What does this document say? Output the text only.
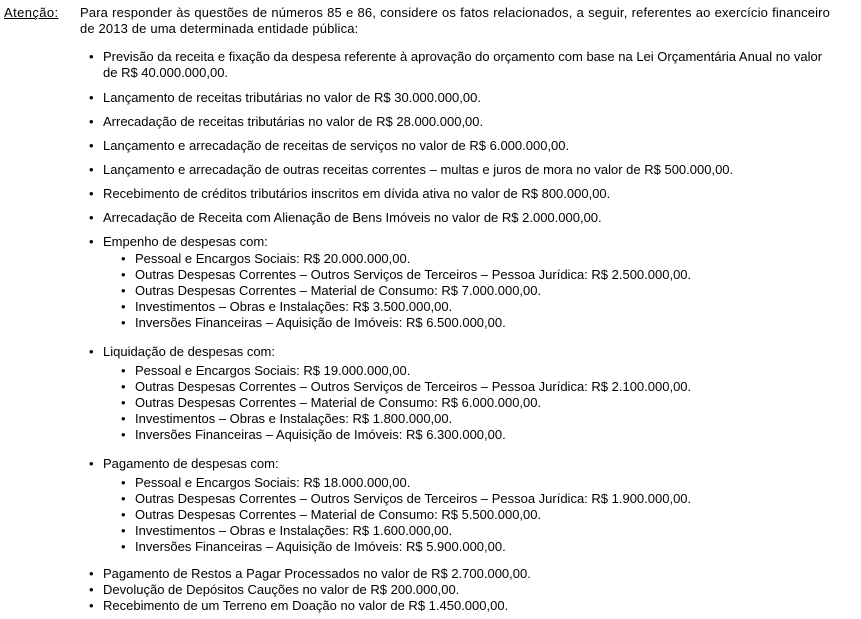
Atenção: Para responder às questões de números 85 e 86, considere os fatos relacionados, a seguir, referentes ao exercício financeiro de 2013 de uma determinada entidade pública:
• Previsão da receita e fixação da despesa referente à aprovação do orçamento com base na Lei Orçamentária Anual no valor de R$ 40.000.000,00.
• Lançamento de receitas tributárias no valor de R$ 30.000.000,00.
• Arrecadação de receitas tributárias no valor de R$ 28.000.000,00.
• Lançamento e arrecadação de receitas de serviços no valor de R$ 6.000.000,00.
• Lançamento e arrecadação de outras receitas correntes – multas e juros de mora no valor de R$ 500.000,00.
• Recebimento de créditos tributários inscritos em dívida ativa no valor de R$ 800.000,00.
• Arrecadação de Receita com Alienação de Bens Imóveis no valor de R$ 2.000.000,00.
• Empenho de despesas com:
• Pessoal e Encargos Sociais: R$ 20.000.000,00.
• Outras Despesas Correntes – Outros Serviços de Terceiros – Pessoa Jurídica: R$ 2.500.000,00.
• Outras Despesas Correntes – Material de Consumo: R$ 7.000.000,00.
• Investimentos – Obras e Instalações: R$ 3.500.000,00.
• Inversões Financeiras – Aquisição de Imóveis: R$ 6.500.000,00.
• Liquidação de despesas com:
• Pessoal e Encargos Sociais: R$ 19.000.000,00.
• Outras Despesas Correntes – Outros Serviços de Terceiros – Pessoa Jurídica: R$ 2.100.000,00.
• Outras Despesas Correntes – Material de Consumo: R$ 6.000.000,00.
• Investimentos – Obras e Instalações: R$ 1.800.000,00.
• Inversões Financeiras – Aquisição de Imóveis: R$ 6.300.000,00.
• Pagamento de despesas com:
• Pessoal e Encargos Sociais: R$ 18.000.000,00.
• Outras Despesas Correntes – Outros Serviços de Terceiros – Pessoa Jurídica: R$ 1.900.000,00.
• Outras Despesas Correntes – Material de Consumo: R$ 5.500.000,00.
• Investimentos – Obras e Instalações: R$ 1.600.000,00.
• Inversões Financeiras – Aquisição de Imóveis: R$ 5.900.000,00.
• Pagamento de Restos a Pagar Processados no valor de R$ 2.700.000,00.
• Devolução de Depósitos Cauções no valor de R$ 200.000,00.
• Recebimento de um Terreno em Doação no valor de R$ 1.450.000,00.
